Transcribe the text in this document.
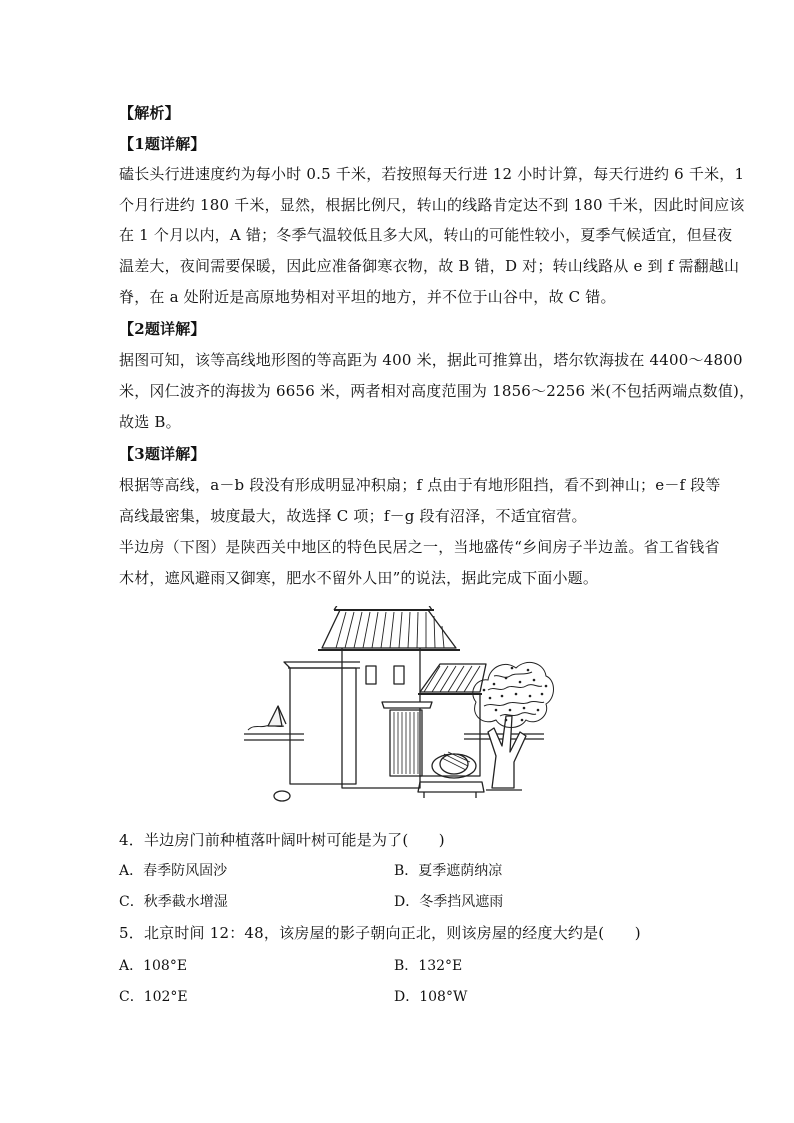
【解析】
【1题详解】
磕长头行进速度约为每小时 0.5 千米，若按照每天行进 12 小时计算，每天行进约 6 千米，1
个月行进约 180 千米，显然，根据比例尺，转山的线路肯定达不到 180 千米，因此时间应该
在 1 个月以内，A 错；冬季气温较低且多大风，转山的可能性较小，夏季气候适宜，但昼夜
温差大，夜间需要保暖，因此应准备御寒衣物，故 B 错，D 对；转山线路从 e 到 f 需翻越山
脊，在 a 处附近是高原地势相对平坦的地方，并不位于山谷中，故 C 错。
【2题详解】
据图可知，该等高线地形图的等高距为 400 米，据此可推算出，塔尔钦海拔在 4400～4800
米，冈仁波齐的海拔为 6656 米，两者相对高度范围为 1856～2256 米(不包括两端点数值)，
故选 B。
【3题详解】
根据等高线，a－b 段没有形成明显冲积扇；f 点由于有地形阻挡，看不到神山；e－f 段等
高线最密集，坡度最大，故选择 C 项；f－g 段有沼泽，不适宜宿营。
半边房（下图）是陕西关中地区的特色民居之一，当地盛传“乡间房子半边盖。省工省钱省
木材，遮风避雨又御寒，肥水不留外人田”的说法，据此完成下面小题。
4．半边房门前种植落叶阔叶树可能是为了(　　)
A．春季防风固沙	B．夏季遮荫纳凉
C．秋季截水增湿	D．冬季挡风遮雨
5．北京时间 12：48，该房屋的影子朝向正北，则该房屋的经度大约是(　　)
A．108°E	B．132°E
C．102°E	D．108°W
